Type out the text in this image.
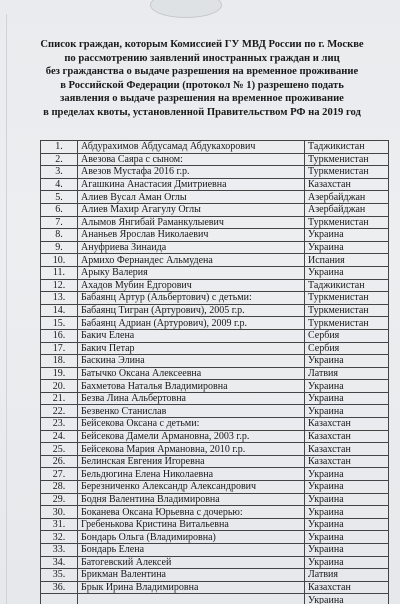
Список граждан, которым Комиссией ГУ МВД России по г. Москве
по рассмотрению заявлений иностранных граждан и лиц
без гражданства о выдаче разрешения на временное проживание
в Российской Федерации (протокол № 1) разрешено подать
заявления о выдаче разрешения на временное проживание
в пределах квоты, установленной Правительством РФ на 2019 год
1.	Абдурахимов Абдусамад Абдукахорович	Таджикистан
2.	Авезова Саяра с сыном:	Туркменистан
3.	Авезов Мустафа 2016 г.р.	Туркменистан
4.	Агашкина Анастасия Дмитриевна	Казахстан
5.	Алиев Вусал Аман Оглы	Азербайджан
6.	Алиев Махир Агагулу Оглы	Азербайджан
7.	Алымов Янгибай Раманкулыевич	Туркменистан
8.	Ананьев Ярослав Николаевич	Украина
9.	Ануфриева Зинаида	Украина
10.	Армихо Фернандес Альмудена	Испания
11.	Арыку Валерия	Украина
12.	Ахадов Мубин Ёдгорович	Таджикистан
13.	Бабаянц Артур (Альбертович) с детьми:	Туркменистан
14.	Бабаянц Тигран (Артурович), 2005 г.р.	Туркменистан
15.	Бабаянц Адриан (Артурович), 2009 г.р.	Туркменистан
16.	Бакич Елена	Сербия
17.	Бакич Петар	Сербия
18.	Баскина Элина	Украина
19.	Батычко Оксана Алексеевна	Латвия
20.	Бахметова Наталья Владимировна	Украина
21.	Безва Лина Альбертовна	Украина
22.	Безвенко Станислав	Украина
23.	Бейсекова Оксана с детьми:	Казахстан
24.	Бейсекова Дамели Армановна, 2003 г.р.	Казахстан
25.	Бейсекова Мария Армановна, 2010 г.р.	Казахстан
26.	Белинская Евгения Игоревна	Казахстан
27.	Бельдюгина Елена Николаевна	Украина
28.	Березниченко Александр Александрович	Украина
29.	Бодня Валентина Владимировна	Украина
30.	Боканева Оксана Юрьевна с дочерью:	Украина
31.	Гребенькова Кристина Витальевна	Украина
32.	Бондарь Ольга (Владимировна)	Украина
33.	Бондарь Елена	Украина
34.	Батогевский Алексей	Украина
35.	Брикман Валентина	Латвия
36.	Брык Ирина Владимировна	Казахстан
		Украина
